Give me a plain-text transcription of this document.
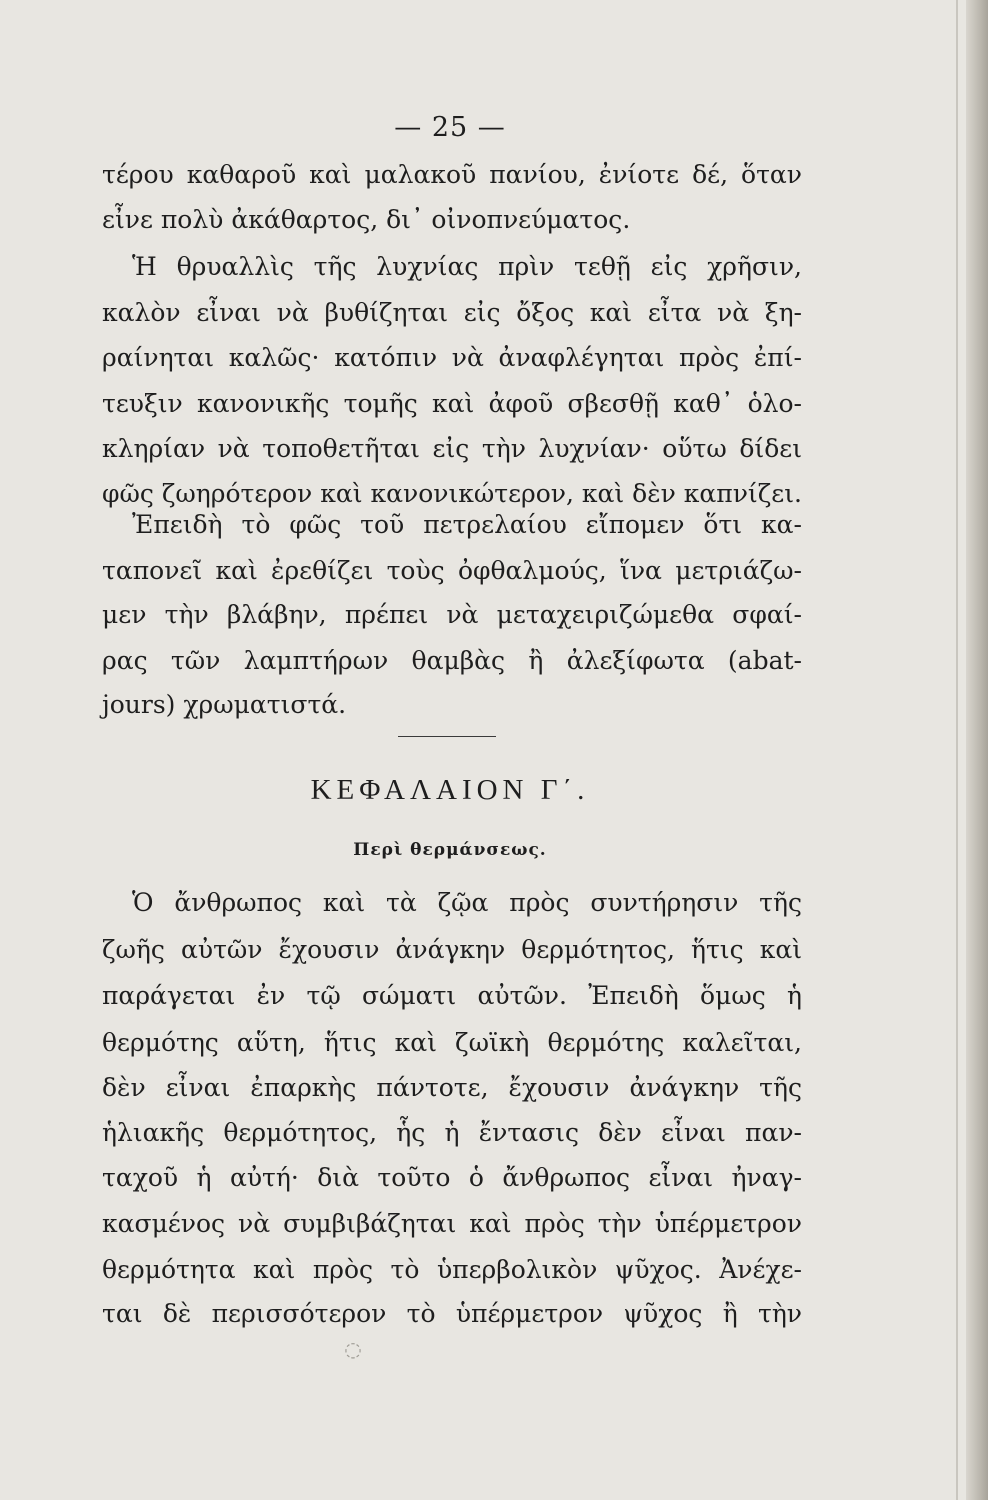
— 25 —
τέρου καθαροῦ καὶ μαλακοῦ πανίου, ἐνίοτε δέ, ὅταν
εἶνε πολὺ ἀκάθαρτος, δι᾽ οἰνοπνεύματος.
Ἡ θρυαλλὶς τῆς λυχνίας πρὶν τεθῇ εἰς χρῆσιν,
καλὸν εἶναι νὰ βυθίζηται εἰς ὄξος καὶ εἶτα νὰ ξη-
ραίνηται καλῶς· κατόπιν νὰ ἀναφλέγηται πρὸς ἐπί-
τευξιν κανονικῆς τομῆς καὶ ἀφοῦ σβεσθῇ καθ᾽ ὁλο-
κληρίαν νὰ τοποθετῆται εἰς τὴν λυχνίαν· οὕτω δίδει
φῶς ζωηρότερον καὶ κανονικώτερον, καὶ δὲν καπνίζει.
Ἐπειδὴ τὸ φῶς τοῦ πετρελαίου εἴπομεν ὅτι κα-
ταπονεῖ καὶ ἐρεθίζει τοὺς ὀφθαλμούς, ἵνα μετριάζω-
μεν τὴν βλάβην, πρέπει νὰ μεταχειριζώμεθα σφαί-
ρας τῶν λαμπτήρων θαμβὰς ἢ ἀλεξίφωτα (abat-
jours) χρωματιστά.
ΚΕΦΑΛΑΙΟΝ Γ΄.
Περὶ θερμάνσεως.
Ὁ ἄνθρωπος καὶ τὰ ζῷα πρὸς συντήρησιν τῆς
ζωῆς αὐτῶν ἔχουσιν ἀνάγκην θερμότητος, ἥτις καὶ
παράγεται ἐν τῷ σώματι αὐτῶν. Ἐπειδὴ ὅμως ἡ
θερμότης αὕτη, ἥτις καὶ ζωϊκὴ θερμότης καλεῖται,
δὲν εἶναι ἐπαρκὴς πάντοτε, ἔχουσιν ἀνάγκην τῆς
ἡλιακῆς θερμότητος, ἧς ἡ ἔντασις δὲν εἶναι παν-
ταχοῦ ἡ αὐτή· διὰ τοῦτο ὁ ἄνθρωπος εἶναι ἠναγ-
κασμένος νὰ συμβιβάζηται καὶ πρὸς τὴν ὑπέρμετρον
θερμότητα καὶ πρὸς τὸ ὑπερβολικὸν ψῦχος. Ἀνέχε-
ται δὲ περισσότερον τὸ ὑπέρμετρον ψῦχος ἢ τὴν
◌
